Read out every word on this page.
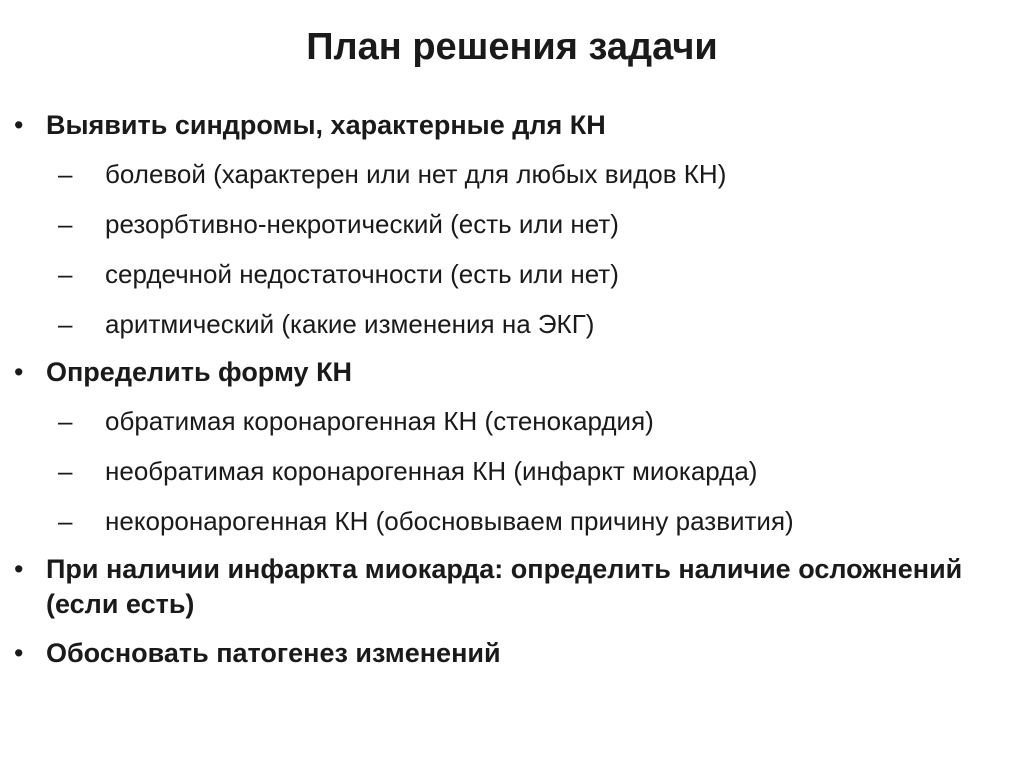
План решения задачи
• Выявить синдромы, характерные для КН
– болевой (характерен или нет для любых видов КН)
– резорбтивно-некротический (есть или нет)
– сердечной недостаточности (есть или нет)
– аритмический (какие изменения на ЭКГ)
• Определить форму КН
– обратимая коронарогенная КН (стенокардия)
– необратимая коронарогенная КН (инфаркт миокарда)
– некоронарогенная КН (обосновываем причину развития)
• При наличии инфаркта миокарда: определить наличие осложнений (если есть)
• Обосновать патогенез изменений
